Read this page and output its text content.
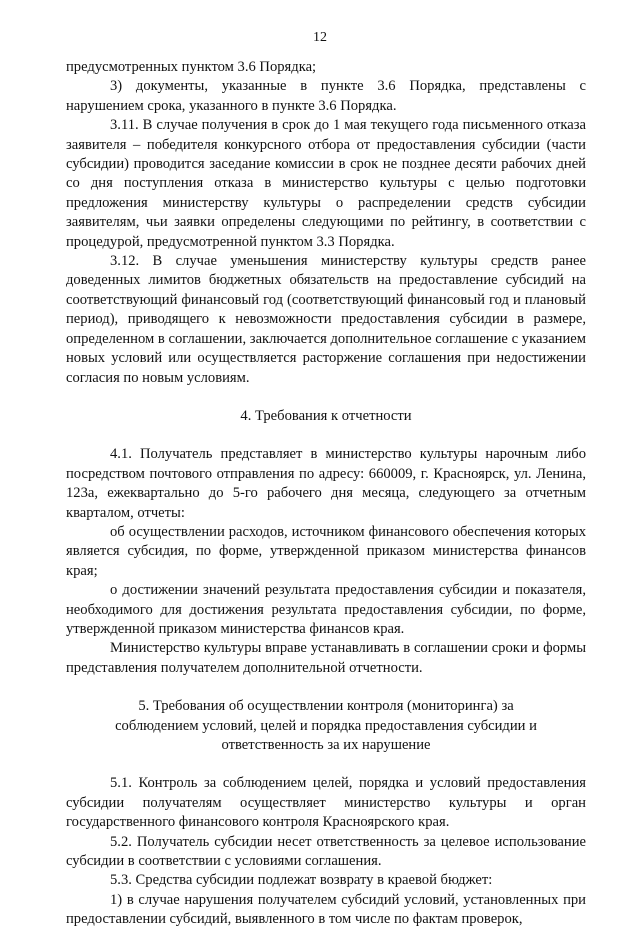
12

предусмотренных пунктом 3.6 Порядка;

3) документы, указанные в пункте 3.6 Порядка, представлены с нарушением срока, указанного в пункте 3.6 Порядка.

3.11. В случае получения в срок до 1 мая текущего года письменного отказа заявителя – победителя конкурсного отбора от предоставления субсидии (части субсидии) проводится заседание комиссии в срок не позднее десяти рабочих дней со дня поступления отказа в министерство культуры с целью подготовки предложения министерству культуры о распределении средств субсидии заявителям, чьи заявки определены следующими по рейтингу, в соответствии с процедурой, предусмотренной пунктом 3.3 Порядка.

3.12. В случае уменьшения министерству культуры средств ранее доведенных лимитов бюджетных обязательств на предоставление субсидий на соответствующий финансовый год (соответствующий финансовый год и плановый период), приводящего к невозможности предоставления субсидии в размере, определенном в соглашении, заключается дополнительное соглашение с указанием новых условий или осуществляется расторжение соглашения при недостижении согласия по новым условиям.

4. Требования к отчетности

4.1. Получатель представляет в министерство культуры нарочным либо посредством почтового отправления по адресу: 660009, г. Красноярск, ул. Ленина, 123а, ежеквартально до 5-го рабочего дня месяца, следующего за отчетным кварталом, отчеты:

об осуществлении расходов, источником финансового обеспечения которых является субсидия, по форме, утвержденной приказом министерства финансов края;

о достижении значений результата предоставления субсидии и показателя, необходимого для достижения результата предоставления субсидии, по форме, утвержденной приказом министерства финансов края.

Министерство культуры вправе устанавливать в соглашении сроки и формы представления получателем дополнительной отчетности.

5. Требования об осуществлении контроля (мониторинга) за соблюдением условий, целей и порядка предоставления субсидии и ответственность за их нарушение

5.1. Контроль за соблюдением целей, порядка и условий предоставления субсидии получателям осуществляет министерство культуры и орган государственного финансового контроля Красноярского края.

5.2. Получатель субсидии несет ответственность за целевое использование субсидии в соответствии с условиями соглашения.

5.3. Средства субсидии подлежат возврату в краевой бюджет:

1) в случае нарушения получателем субсидий условий, установленных при предоставлении субсидий, выявленного в том числе по фактам проверок,
